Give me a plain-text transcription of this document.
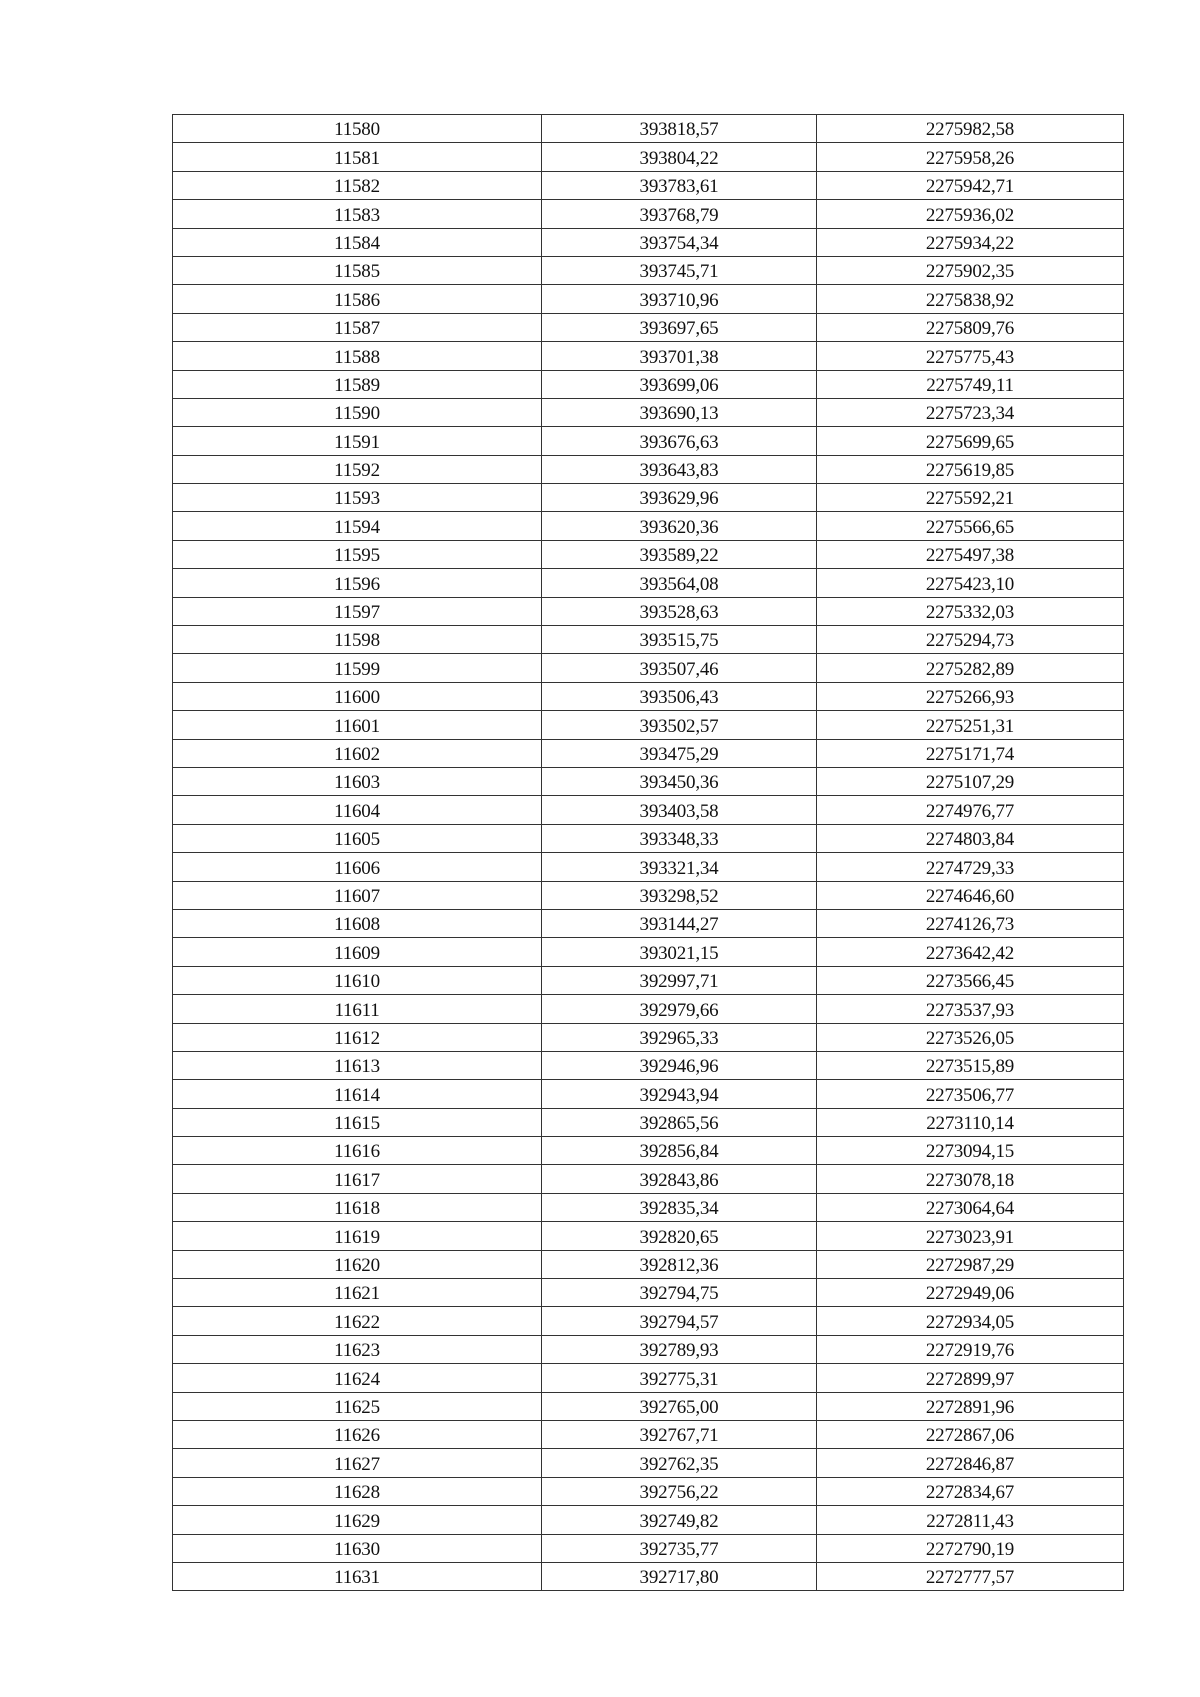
11580	393818,57	2275982,58
11581	393804,22	2275958,26
11582	393783,61	2275942,71
11583	393768,79	2275936,02
11584	393754,34	2275934,22
11585	393745,71	2275902,35
11586	393710,96	2275838,92
11587	393697,65	2275809,76
11588	393701,38	2275775,43
11589	393699,06	2275749,11
11590	393690,13	2275723,34
11591	393676,63	2275699,65
11592	393643,83	2275619,85
11593	393629,96	2275592,21
11594	393620,36	2275566,65
11595	393589,22	2275497,38
11596	393564,08	2275423,10
11597	393528,63	2275332,03
11598	393515,75	2275294,73
11599	393507,46	2275282,89
11600	393506,43	2275266,93
11601	393502,57	2275251,31
11602	393475,29	2275171,74
11603	393450,36	2275107,29
11604	393403,58	2274976,77
11605	393348,33	2274803,84
11606	393321,34	2274729,33
11607	393298,52	2274646,60
11608	393144,27	2274126,73
11609	393021,15	2273642,42
11610	392997,71	2273566,45
11611	392979,66	2273537,93
11612	392965,33	2273526,05
11613	392946,96	2273515,89
11614	392943,94	2273506,77
11615	392865,56	2273110,14
11616	392856,84	2273094,15
11617	392843,86	2273078,18
11618	392835,34	2273064,64
11619	392820,65	2273023,91
11620	392812,36	2272987,29
11621	392794,75	2272949,06
11622	392794,57	2272934,05
11623	392789,93	2272919,76
11624	392775,31	2272899,97
11625	392765,00	2272891,96
11626	392767,71	2272867,06
11627	392762,35	2272846,87
11628	392756,22	2272834,67
11629	392749,82	2272811,43
11630	392735,77	2272790,19
11631	392717,80	2272777,57
